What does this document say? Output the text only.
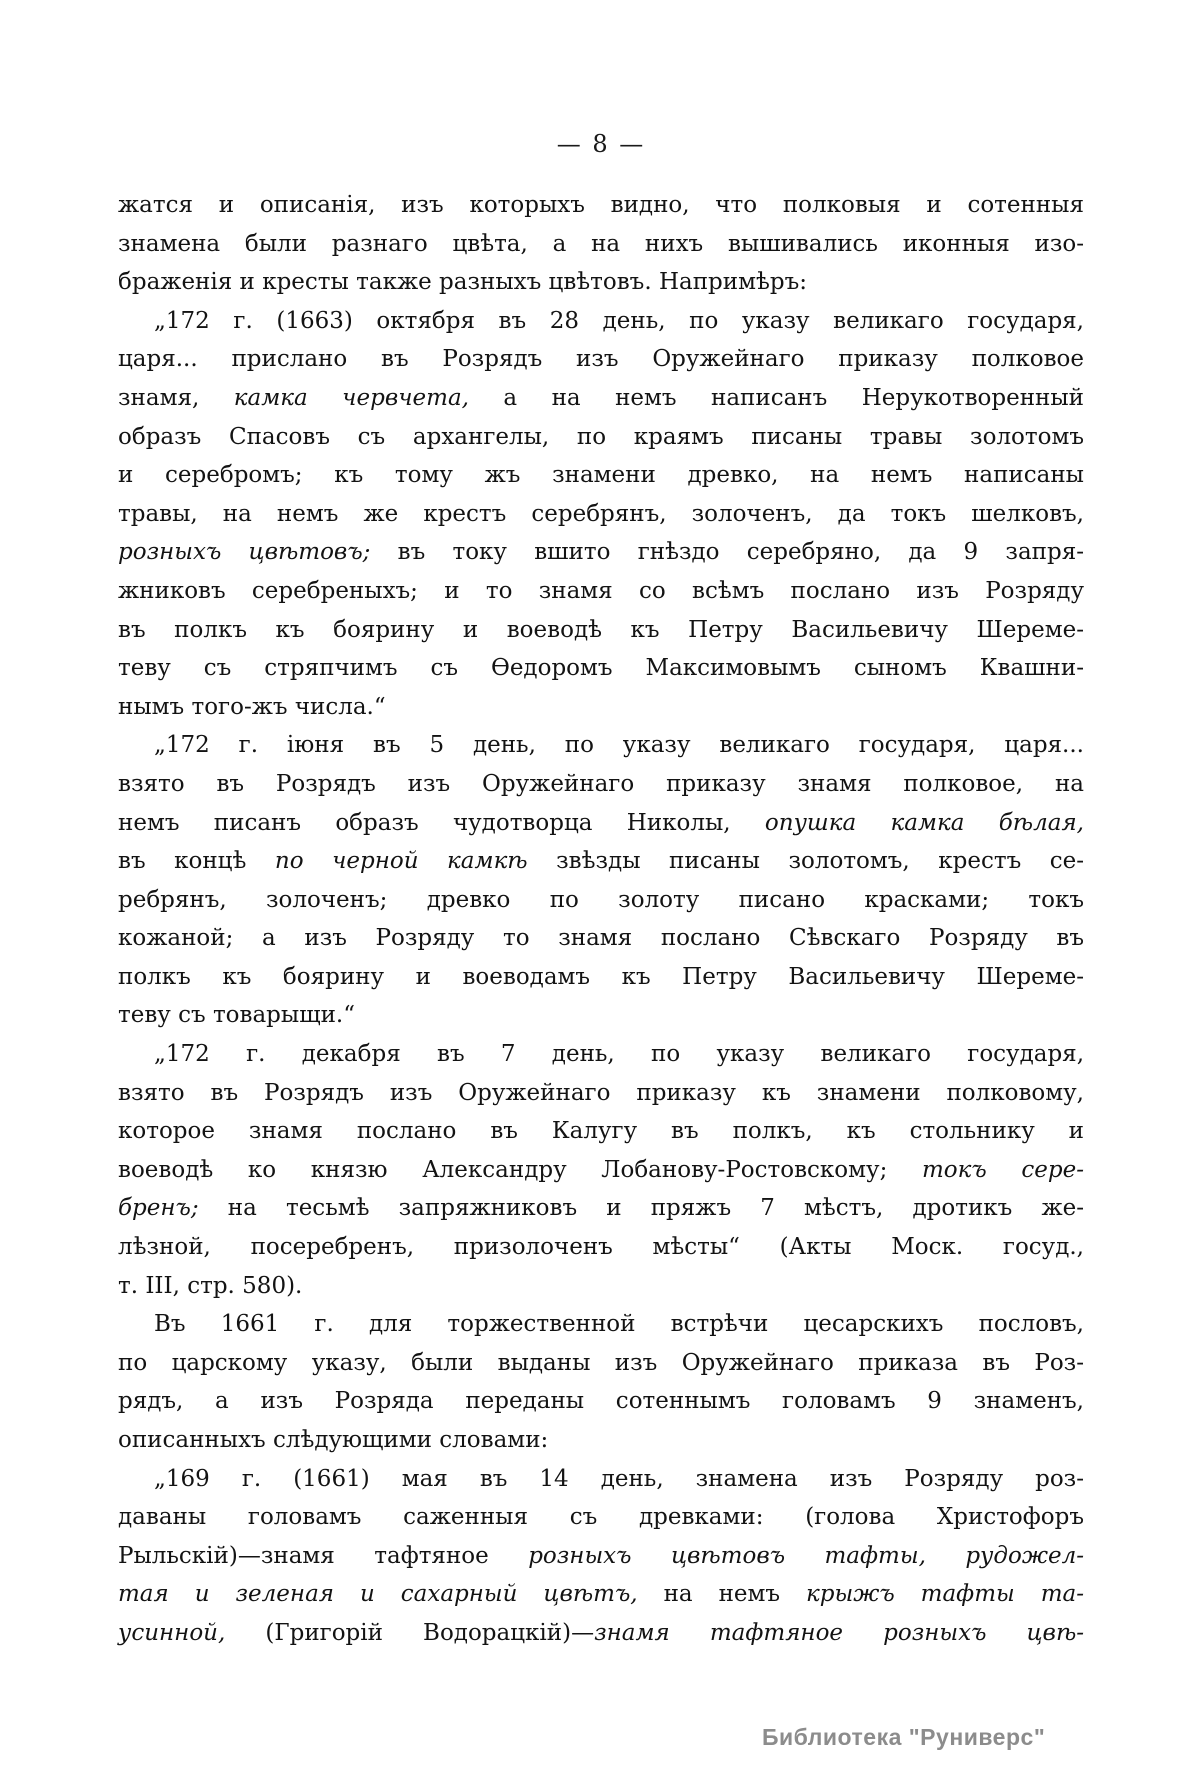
— 8 —
жатся и описанія, изъ которыхъ видно, что полковыя и сотенныя
знамена были разнаго цвѣта, а на нихъ вышивались иконныя изо-
браженія и кресты также разныхъ цвѣтовъ. Напримѣръ:
„172 г. (1663) октября въ 28 день, по указу великаго государя,
царя... прислано въ Розрядъ изъ Оружейнаго приказу полковое
знамя, камка червчета, а на немъ написанъ Нерукотворенный
образъ Спасовъ съ архангелы, по краямъ писаны травы золотомъ
и серебромъ; къ тому жъ знамени древко, на немъ написаны
травы, на немъ же крестъ серебрянъ, золоченъ, да токъ шелковъ,
розныхъ цвѣтовъ; въ току вшито гнѣздо серебряно, да 9 запря-
жниковъ серебреныхъ; и то знамя со всѣмъ послано изъ Розряду
въ полкъ къ боярину и воеводѣ къ Петру Васильевичу Шереме-
теву съ стряпчимъ съ Ѳедоромъ Максимовымъ сыномъ Квашни-
нымъ того-жъ числа.“
„172 г. іюня въ 5 день, по указу великаго государя, царя...
взято въ Розрядъ изъ Оружейнаго приказу знамя полковое, на
немъ писанъ образъ чудотворца Николы, опушка камка бѣлая,
въ концѣ по черной камкѣ звѣзды писаны золотомъ, крестъ се-
ребрянъ, золоченъ; древко по золоту писано красками; токъ
кожаной; а изъ Розряду то знамя послано Сѣвскаго Розряду въ
полкъ къ боярину и воеводамъ къ Петру Васильевичу Шереме-
теву съ товарыщи.“
„172 г. декабря въ 7 день, по указу великаго государя,
взято въ Розрядъ изъ Оружейнаго приказу къ знамени полковому,
которое знамя послано въ Калугу въ полкъ, къ стольнику и
воеводѣ ко князю Александру Лобанову-Ростовскому; токъ сере-
бренъ; на тесьмѣ запряжниковъ и пряжъ 7 мѣстъ, дротикъ же-
лѣзной, посеребренъ, призолоченъ мѣсты“ (Акты Моск. госуд.,
т. III, стр. 580).
Въ 1661 г. для торжественной встрѣчи цесарскихъ пословъ,
по царскому указу, были выданы изъ Оружейнаго приказа въ Роз-
рядъ, а изъ Розряда переданы сотеннымъ головамъ 9 знаменъ,
описанныхъ слѣдующими словами:
„169 г. (1661) мая въ 14 день, знамена изъ Розряду роз-
даваны головамъ саженныя съ древками: (голова Христофоръ
Рыльскій)—знамя тафтяное розныхъ цвѣтовъ тафты, рудожел-
тая и зеленая и сахарный цвѣтъ, на немъ крыжъ тафты та-
усинной, (Григорій Водорацкій)—знамя тафтяное розныхъ цвѣ-
Библиотека "Руниверс"
